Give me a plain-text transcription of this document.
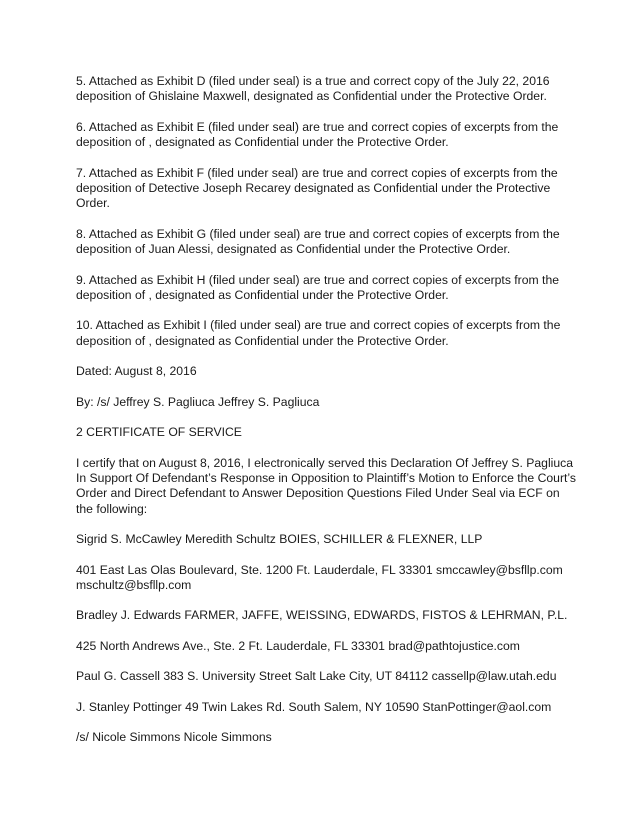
5. Attached as Exhibit D (filed under seal) is a true and correct copy of the July 22, 2016 deposition of Ghislaine Maxwell, designated as Confidential under the Protective Order.

6. Attached as Exhibit E (filed under seal) are true and correct copies of excerpts from the deposition of , designated as Confidential under the Protective Order.

7. Attached as Exhibit F (filed under seal) are true and correct copies of excerpts from the deposition of Detective Joseph Recarey designated as Confidential under the Protective Order.

8. Attached as Exhibit G (filed under seal) are true and correct copies of excerpts from the deposition of Juan Alessi, designated as Confidential under the Protective Order.

9. Attached as Exhibit H (filed under seal) are true and correct copies of excerpts from the deposition of , designated as Confidential under the Protective Order.

10. Attached as Exhibit I (filed under seal) are true and correct copies of excerpts from the deposition of , designated as Confidential under the Protective Order.

Dated: August 8, 2016

By: /s/ Jeffrey S. Pagliuca Jeffrey S. Pagliuca

2 CERTIFICATE OF SERVICE

I certify that on August 8, 2016, I electronically served this Declaration Of Jeffrey S. Pagliuca In Support Of Defendant’s Response in Opposition to Plaintiff’s Motion to Enforce the Court’s Order and Direct Defendant to Answer Deposition Questions Filed Under Seal via ECF on the following:

Sigrid S. McCawley Meredith Schultz BOIES, SCHILLER & FLEXNER, LLP

401 East Las Olas Boulevard, Ste. 1200 Ft. Lauderdale, FL 33301 smccawley@bsfllp.com mschultz@bsfllp.com

Bradley J. Edwards FARMER, JAFFE, WEISSING, EDWARDS, FISTOS & LEHRMAN, P.L.

425 North Andrews Ave., Ste. 2 Ft. Lauderdale, FL 33301 brad@pathtojustice.com

Paul G. Cassell 383 S. University Street Salt Lake City, UT 84112 cassellp@law.utah.edu

J. Stanley Pottinger 49 Twin Lakes Rd. South Salem, NY 10590 StanPottinger@aol.com

/s/ Nicole Simmons Nicole Simmons
